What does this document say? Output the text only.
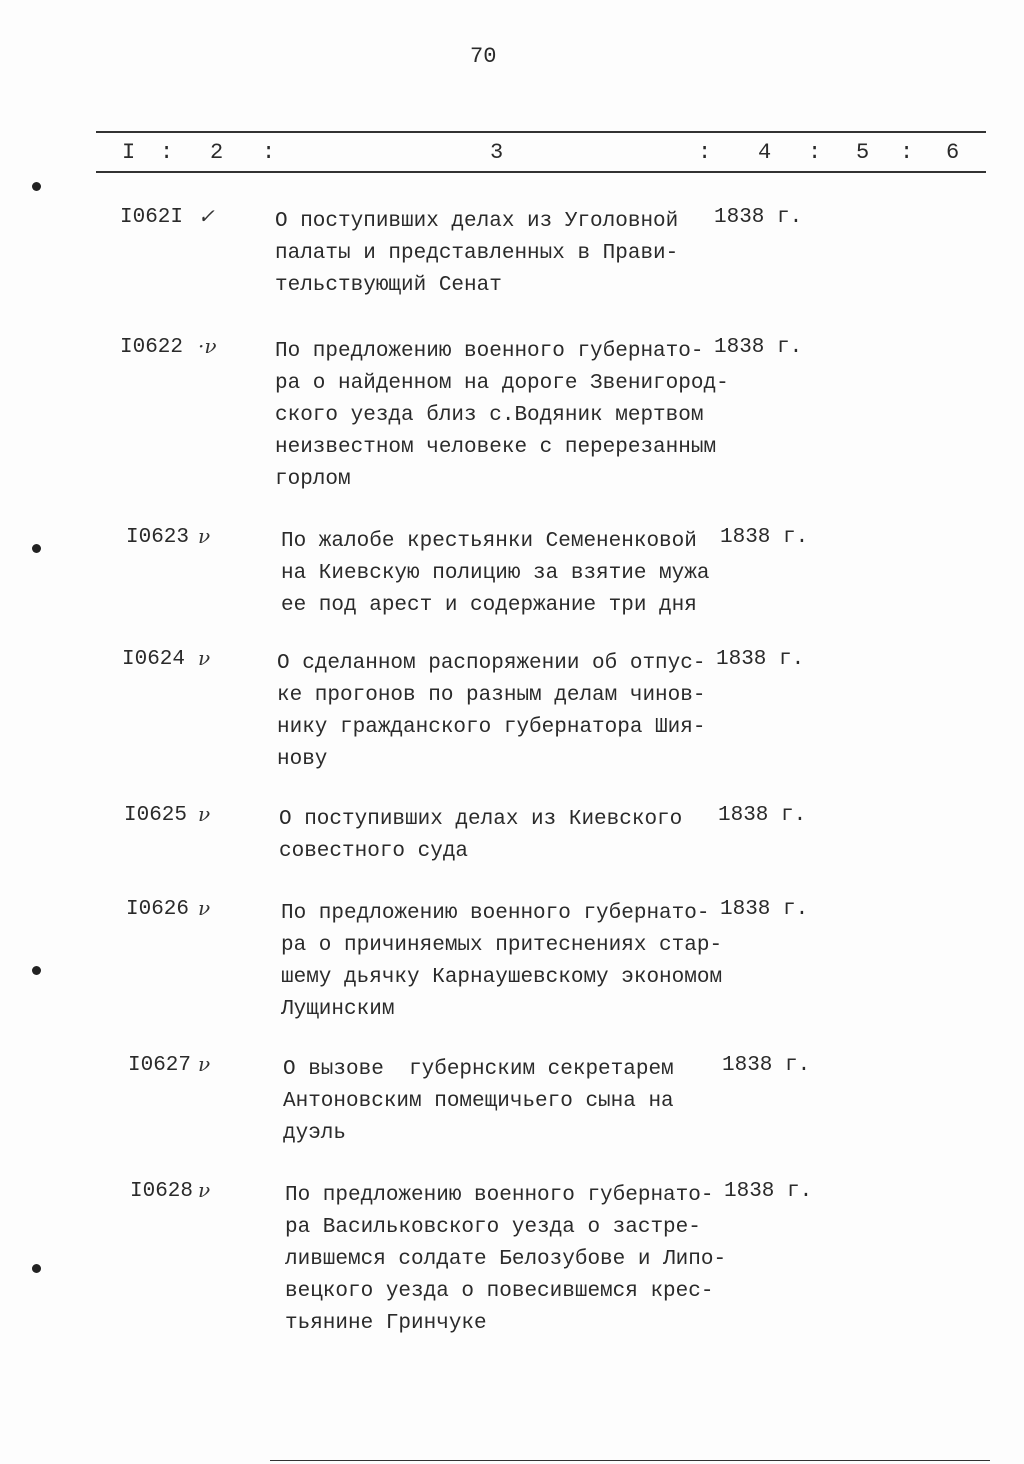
70
I : 2 :	3	: 4 : 5 : 6
I062I ✓	О поступивших делах из Уголовной
палаты и представленных в Прави-
тельствующий Сенат
1838 г.
I0622 ·ν	По предложению военного губернато-
ра о найденном на дороге Звенигород-
ского уезда близ с.Водяник мертвом
неизвестном человеке с перерезанным
горлом
1838 г.
I0623 ν	По жалобе крестьянки Семененковой
на Киевскую полицию за взятие мужа
ее под арест и содержание три дня
1838 г.
I0624 ν	О сделанном распоряжении об отпус-
ке прогонов по разным делам чинов-
нику гражданского губернатора Шия-
нову
1838 г.
I0625 ν	О поступивших делах из Киевского
совестного суда
1838 г.
I0626 ν	По предложению военного губернато-
ра о причиняемых притеснениях стар-
шему дьячку Карнаушевскому экономом
Лущинским
1838 г.
I0627 ν	О вызове  губернским секретарем
Антоновским помещичьего сына на
дуэль
1838 г.
I0628 ν	По предложению военного губернато-
ра Васильковского уезда о застре-
лившемся солдате Белозубове и Липо-
вецкого уезда о повесившемся крес-
тьянине Гринчуке
1838 г.
